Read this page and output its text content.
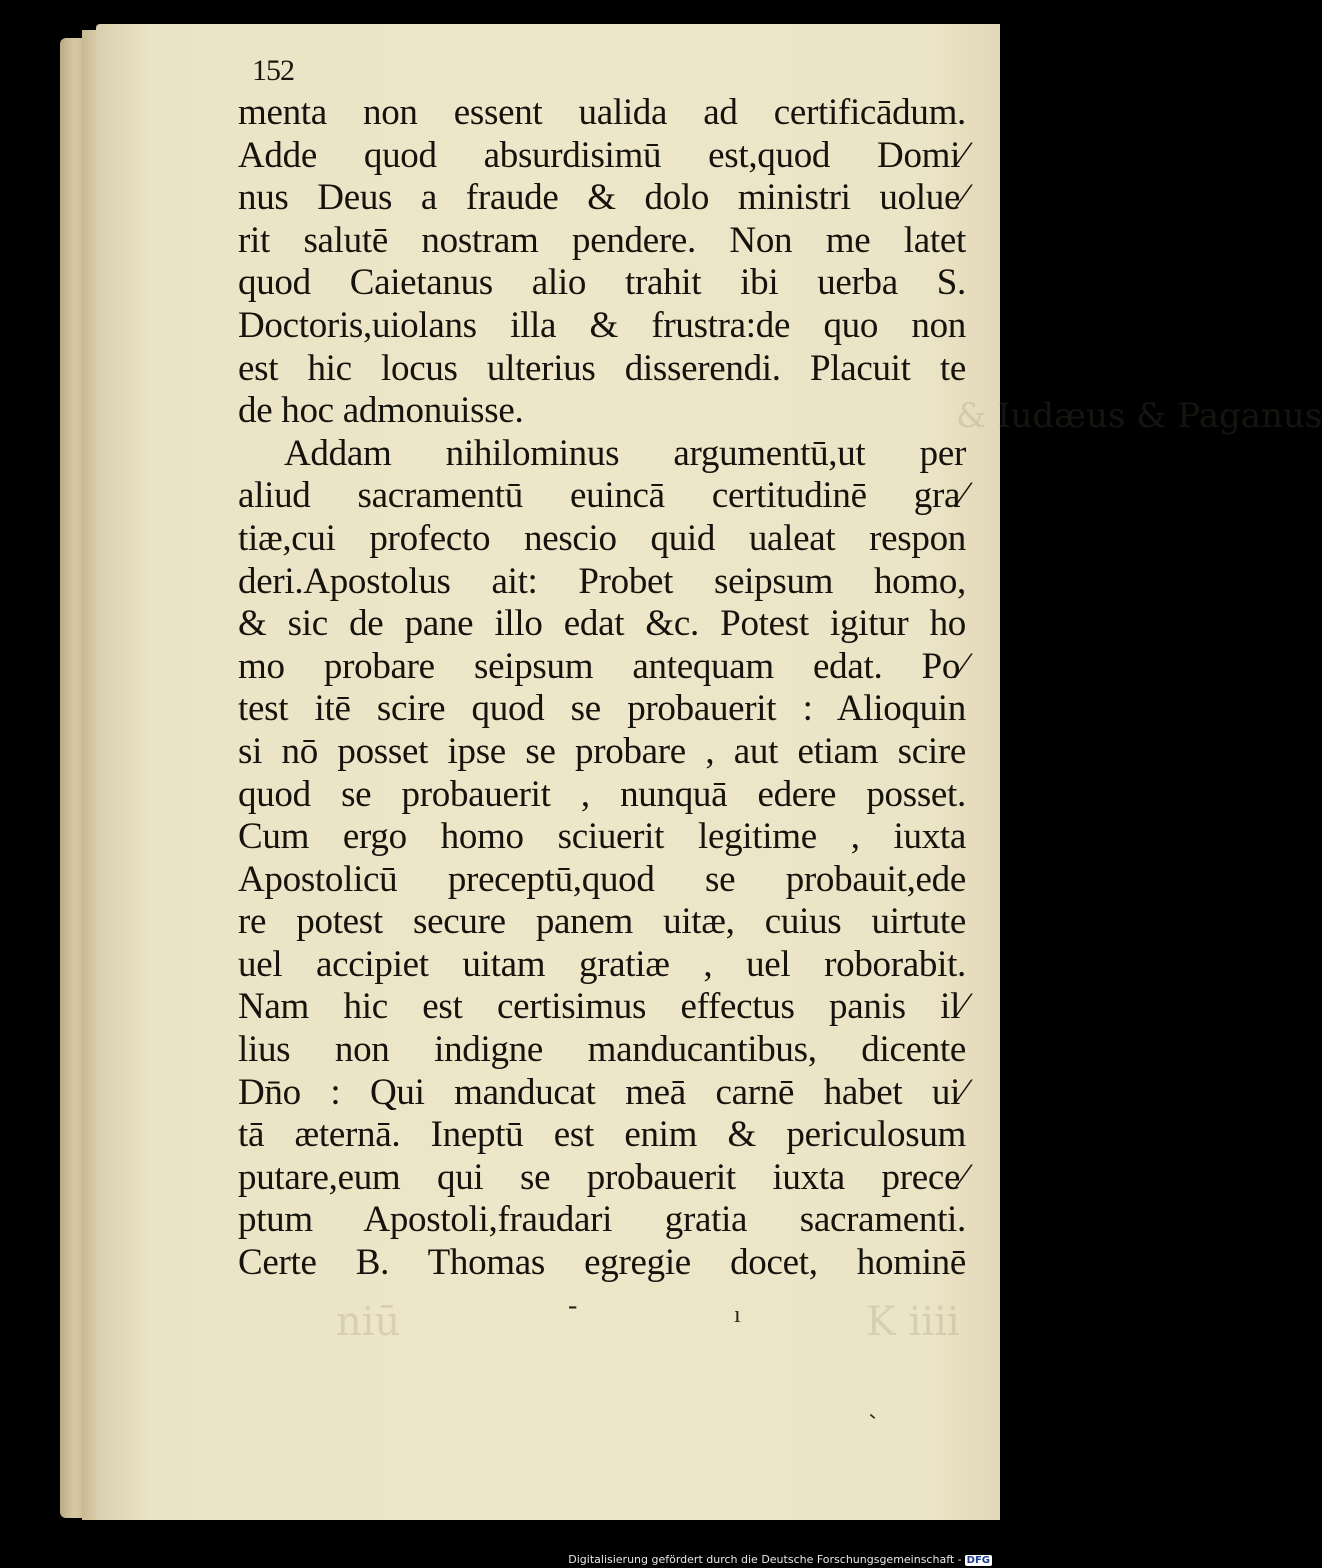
& Iudæus & Paganus
niū	K iiii
152
menta non essent ualida ad certificādum.
Adde quod absurdisimū est,quod Domi⁄
nus Deus a fraude & dolo ministri uolue⁄
rit salutē nostram pendere. Non me latet
quod Caietanus alio trahit ibi uerba S.
Doctoris,uiolans illa & frustra:de quo non
est hic locus ulterius disserendi. Placuit te
de hoc admonuisse.
Addam nihilominus argumentū,ut per
aliud sacramentū euincā certitudinē gra⁄
tiæ,cui profecto nescio quid ualeat respon
deri.Apostolus ait: Probet seipsum homo,
& sic de pane illo edat &c. Potest igitur ho
mo probare seipsum antequam edat. Po⁄
test itē scire quod se probauerit : Alioquin
si nō posset ipse se probare , aut etiam scire
quod se probauerit , nunquā edere posset.
Cum ergo homo sciuerit legitime , iuxta
Apostolicū preceptū,quod se probauit,ede
re potest secure panem uitæ, cuius uirtute
uel accipiet uitam gratiæ , uel roborabit.
Nam hic est certisimus effectus panis il⁄
lius non indigne manducantibus, dicente
Dn̄o : Qui manducat meā carnē habet ui⁄
tā æternā. Ineptū est enim & periculosum
putare,eum qui se probauerit iuxta prece⁄
ptum Apostoli,fraudari gratia sacramenti.
Certe B. Thomas egregie docet, hominē
-	ı
-
Digitalisierung gefördert durch die Deutsche Forschungsgemeinschaft - DFG
